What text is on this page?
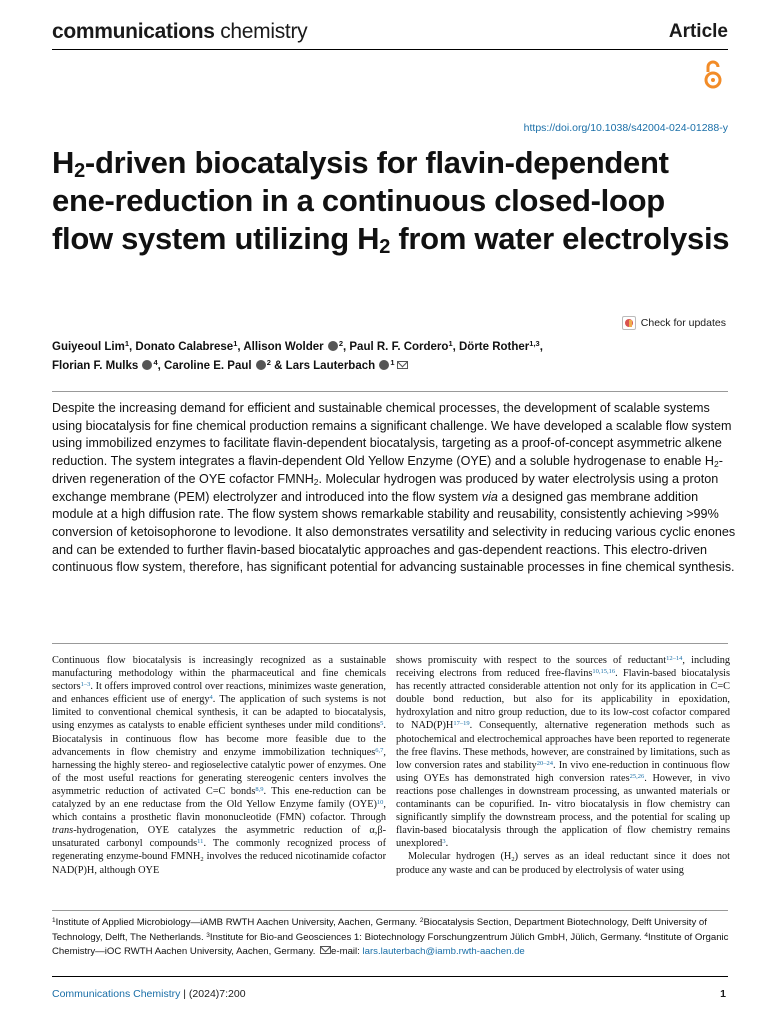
communications chemistry	Article
https://doi.org/10.1038/s42004-024-01288-y
$H_2$-driven biocatalysis for flavin-dependent ene-reduction in a continuous closed-loop flow system utilizing $H_2$ from water electrolysis
Check for updates
Guiyeoul Lim$^1$, Donato Calabrese$^1$, Allison Wolder $^2$, Paul R. F. Cordero$^1$, Dörte Rother$^{1,3}$,
Florian F. Mulks $^4$, Caroline E. Paul $^2$ & Lars Lauterbach $^1$
Despite the increasing demand for efficient and sustainable chemical processes, the development of scalable systems using biocatalysis for fine chemical production remains a significant challenge. We have developed a scalable flow system using immobilized enzymes to facilitate flavin-dependent biocatalysis, targeting as a proof-of-concept asymmetric alkene reduction. The system integrates a flavin-dependent Old Yellow Enzyme (OYE) and a soluble hydrogenase to enable $H_2$-driven regeneration of the OYE cofactor $FMNH_2$. Molecular hydrogen was produced by water electrolysis using a proton exchange membrane (PEM) electrolyzer and introduced into the flow system via a designed gas membrane addition module at a high diffusion rate. The flow system shows remarkable stability and reusability, consistently achieving >99% conversion of ketoisophorone to levodione. It also demonstrates versatility and selectivity in reducing various cyclic enones and can be extended to further flavin-based biocatalytic approaches and gas-dependent reactions. This electro-driven continuous flow system, therefore, has significant potential for advancing sustainable processes in fine chemical synthesis.

Continuous flow biocatalysis is increasingly recognized as a sustainable manufacturing methodology within the pharmaceutical and fine chemicals sectors$^{1-3}$. It offers improved control over reactions, minimizes waste generation, and enhances efficient use of energy$^4$. The application of such systems is not limited to conventional chemical synthesis, it can be adapted to biocatalysis, using enzymes as catalysts to enable efficient syntheses under mild conditions$^5$. Biocatalysis in continuous flow has become more feasible due to the advancements in flow chemistry and enzyme immobilization techniques$^{6,7}$, harnessing the highly stereo- and regioselective catalytic power of enzymes. One of the most useful reactions for generating stereogenic centers involves the asymmetric reduction of activated C=C bonds$^{8,9}$. This ene-reduction can be catalyzed by an ene reductase from the Old Yellow Enzyme family (OYE)$^{10}$, which contains a prosthetic flavin mononucleotide (FMN) cofactor. Through trans-hydrogenation, OYE catalyzes the asymmetric reduction of α,β-unsaturated carbonyl compounds$^{11}$. The commonly recognized process of regenerating enzyme-bound $FMNH_2$ involves the reduced nicotinamide cofactor NAD(P)H, although OYE

shows promiscuity with respect to the sources of reductant$^{12-14}$, including receiving electrons from reduced free-flavins$^{10,15,16}$. Flavin-based biocatalysis has recently attracted considerable attention not only for its application in C=C double bond reduction, but also for its applicability in epoxidation, hydroxylation and nitro group reduction, due to its low-cost cofactor compared to $NAD(P)H^{17-19}$. Consequently, alternative regeneration methods such as photochemical and electrochemical approaches have been reported to regenerate the free flavins. These methods, however, are constrained by limitations, such as low conversion rates and stability$^{20-24}$. In vivo ene-reduction in continuous flow using OYEs has demonstrated high conversion rates$^{25,26}$. However, in vivo reactions pose challenges in downstream processing, as unwanted materials or contaminants can be copurified. In- vitro biocatalysis in flow chemistry can significantly simplify the downstream process, and the potential for scaling up flavin-based biocatalysis through the application of flow chemistry remains unexplored$^3$.

Molecular hydrogen $(H_2)$ serves as an ideal reductant since it does not produce any waste and can be produced by electrolysis of water using

$^1$Institute of Applied Microbiology—iAMB RWTH Aachen University, Aachen, Germany. $^2$Biocatalysis Section, Department Biotechnology, Delft University of Technology, Delft, The Netherlands. $^3$Institute for Bio-and Geosciences 1: Biotechnology Forschungzentrum Jülich GmbH, Jülich, Germany. $^4$Institute of Organic Chemistry—iOC RWTH Aachen University, Aachen, Germany. e-mail: lars.lauterbach@iamb.rwth-aachen.de
Communications Chemistry | (2024)7:200	1
